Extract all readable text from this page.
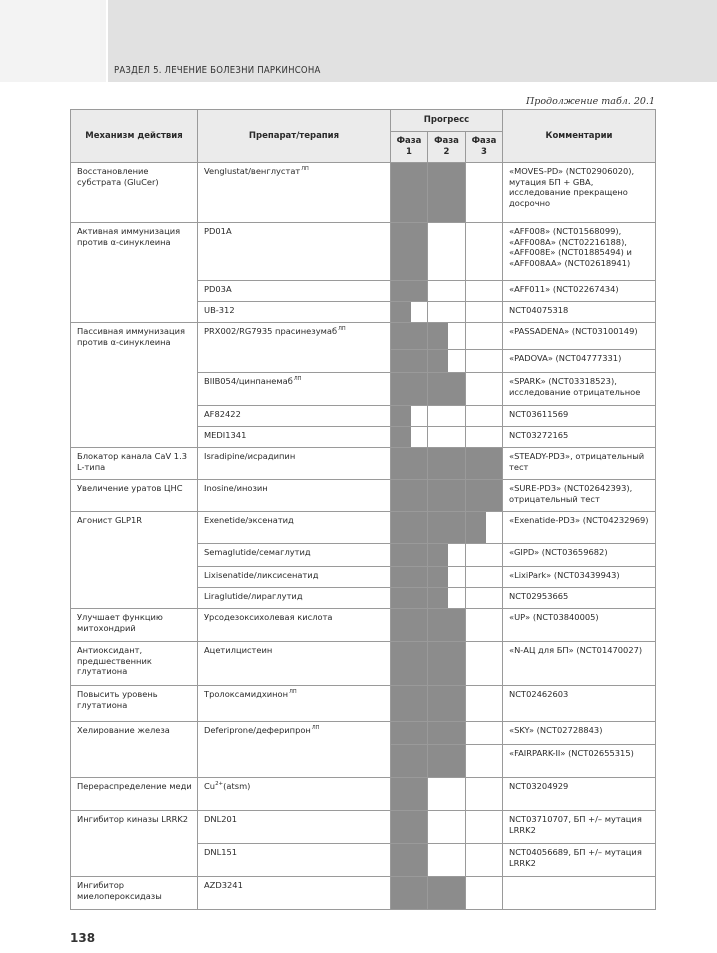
РАЗДЕЛ 5. ЛЕЧЕНИЕ БОЛЕЗНИ ПАРКИНСОНА
Продолжение табл. 20.1
Механизм действия	Препарат/терапия	Прогресс			Комментарии
		Фаза 1	Фаза 2	Фаза 3	
Восстановление субстрата (GluCer)	Venglustat/венглустат$^{ЛП}$				«MOVES-PD» (NCT02906020), мутация БП + GBA, исследование прекращено досрочно
Активная иммунизация против α-синуклеина	PD01A				«AFF008» (NCT01568099), «AFF008A» (NCT02216188), «AFF008E» (NCT01885494) и «AFF008AA» (NCT02618941)
	PD03A				«AFF011» (NCT02267434)
	UB-312				NCT04075318
Пассивная иммунизация против α-синуклеина	PRX002/RG7935 прасинезумаб$^{ЛП}$				«PASSADENA» (NCT03100149)

				«PADOVA» (NCT04777331)
	BIIB054/цинпанемаб$^{ЛП}$				«SPARK» (NCT03318523), исследование отрицательное
	AF82422				NCT03611569
	MEDI1341				NCT03272165
Блокатор канала CaV 1.3 L-типа	Isradipine/исрадипин				«STEADY-PD3», отрицательный тест
Увеличение уратов ЦНС	Inosine/инозин				«SURE-PD3» (NCT02642393), отрицательный тест
Агонист GLP1R	Exenetide/эксенатид				«Exenatide-PD3» (NCT04232969)
	Semaglutide/семаглутид				«GIPD» (NCT03659682)
	Lixisenatide/ликсисенатид				«LixiPark» (NCT03439943)
	Liraglutide/лираглутид				NCT02953665
Улучшает функцию митохондрий	Урсодезоксихолевая кислота				«UP» (NCT03840005)
Антиоксидант, предшественник глутатиона	Ацетилцистеин				«N-АЦ для БП» (NCT01470027)
Повысить уровень глутатиона	Тролоксамидхинон$^{ЛП}$				NCT02462603
Хелирование железа	Deferiprone/деферипрон$^{ЛП}$				«SKY» (NCT02728843)
					«FAIRPARK-II» (NCT02655315)
Перераспределение меди	$Cu^{2+}(atsm)$				NCT03204929
Ингибитор киназы LRRK2	DNL201				NCT03710707, БП +/– мутация LRRK2
	DNL151				NCT04056689, БП +/– мутация LRRK2
Ингибитор миелопероксидазы	AZD3241				
138
